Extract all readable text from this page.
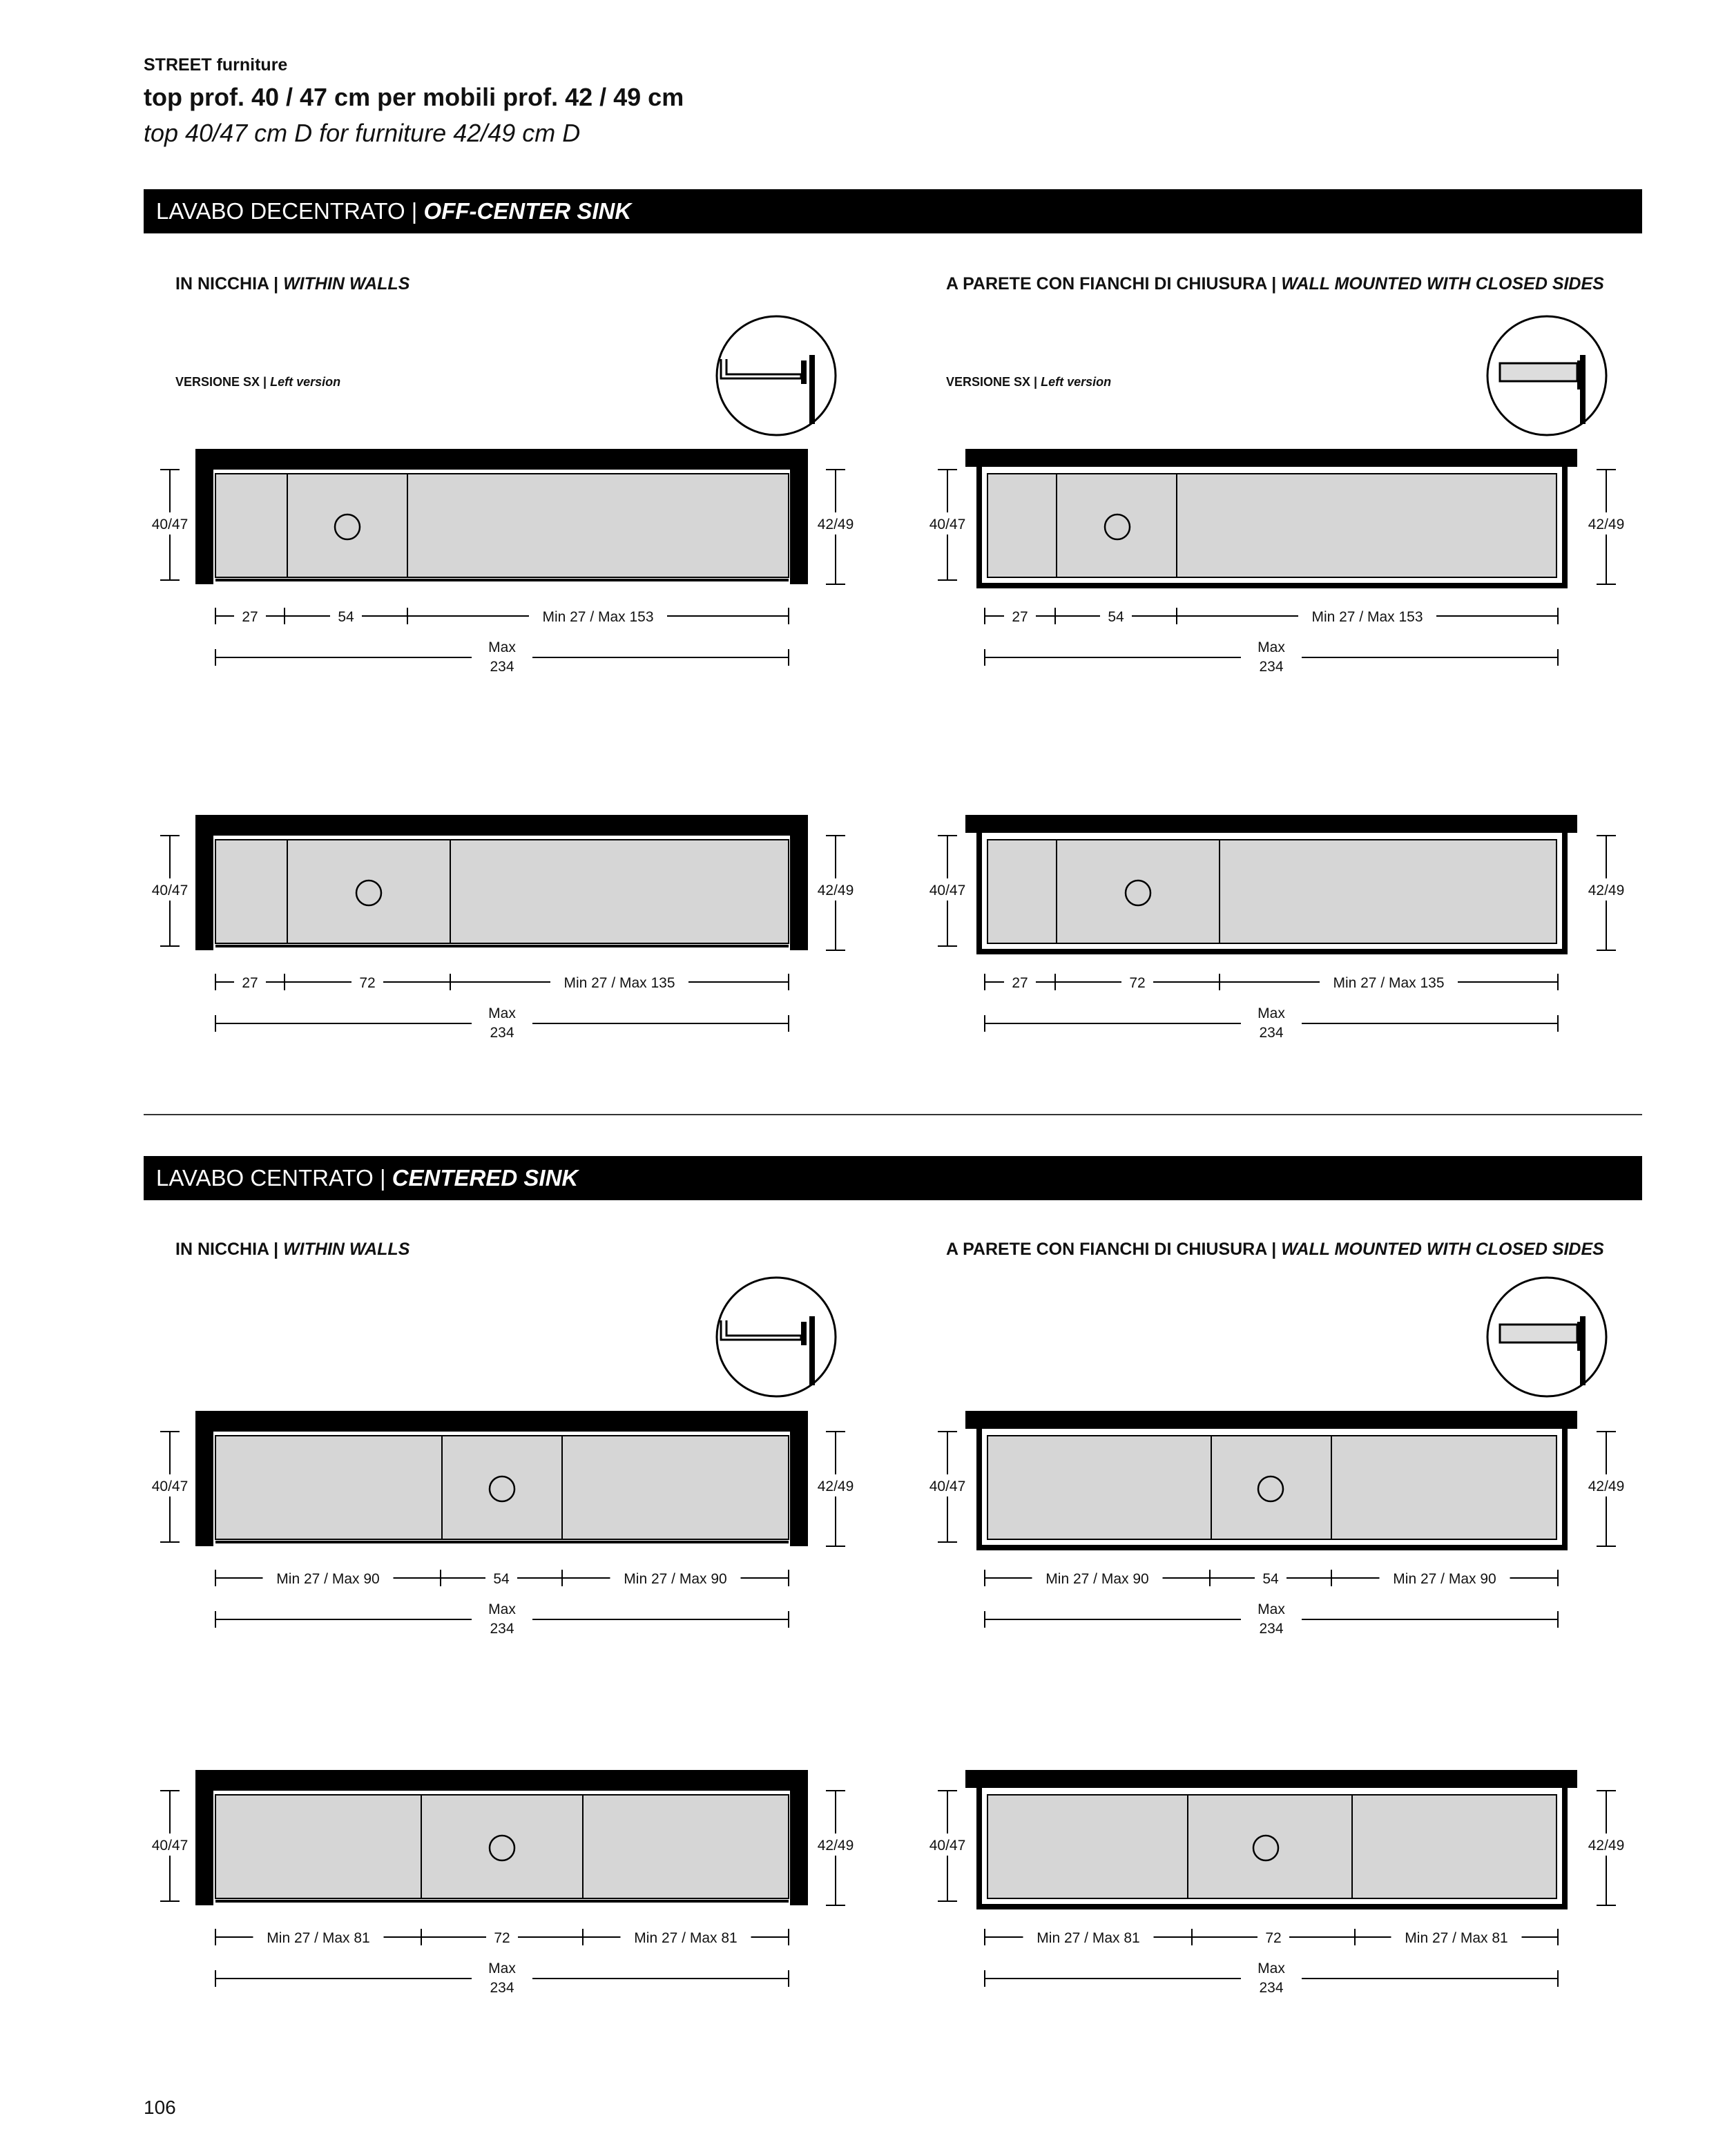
STREET furniture
top prof. 40 / 47 cm per mobili prof. 42 / 49 cm
top 40/47 cm D for furniture 42/49 cm D
LAVABO DECENTRATO | OFF-CENTER SINK
IN NICCHIA | WITHIN WALLS	A PARETE CON FIANCHI DI CHIUSURA | WALL MOUNTED WITH CLOSED SIDES
VERSIONE SX | Left version	VERSIONE SX | Left version
LAVABO CENTRATO | CENTERED SINK
IN NICCHIA | WITHIN WALLS	A PARETE CON FIANCHI DI CHIUSURA | WALL MOUNTED WITH CLOSED SIDES
40/47	42/49
27	54	Min 27 / Max 153
Max
234
40/47	42/49
27	54	Min 27 / Max 153
Max
234
40/47	42/49
27	72	Min 27 / Max 135
Max
234
40/47	42/49
27	72	Min 27 / Max 135
Max
234
40/47	42/49
Min 27 / Max 90	54	Min 27 / Max 90
Max
234
40/47	42/49
Min 27 / Max 90	54	Min 27 / Max 90
Max
234
40/47	42/49
Min 27 / Max 81	72	Min 27 / Max 81
Max
234
40/47	42/49
Min 27 / Max 81	72	Min 27 / Max 81
Max
234
106
